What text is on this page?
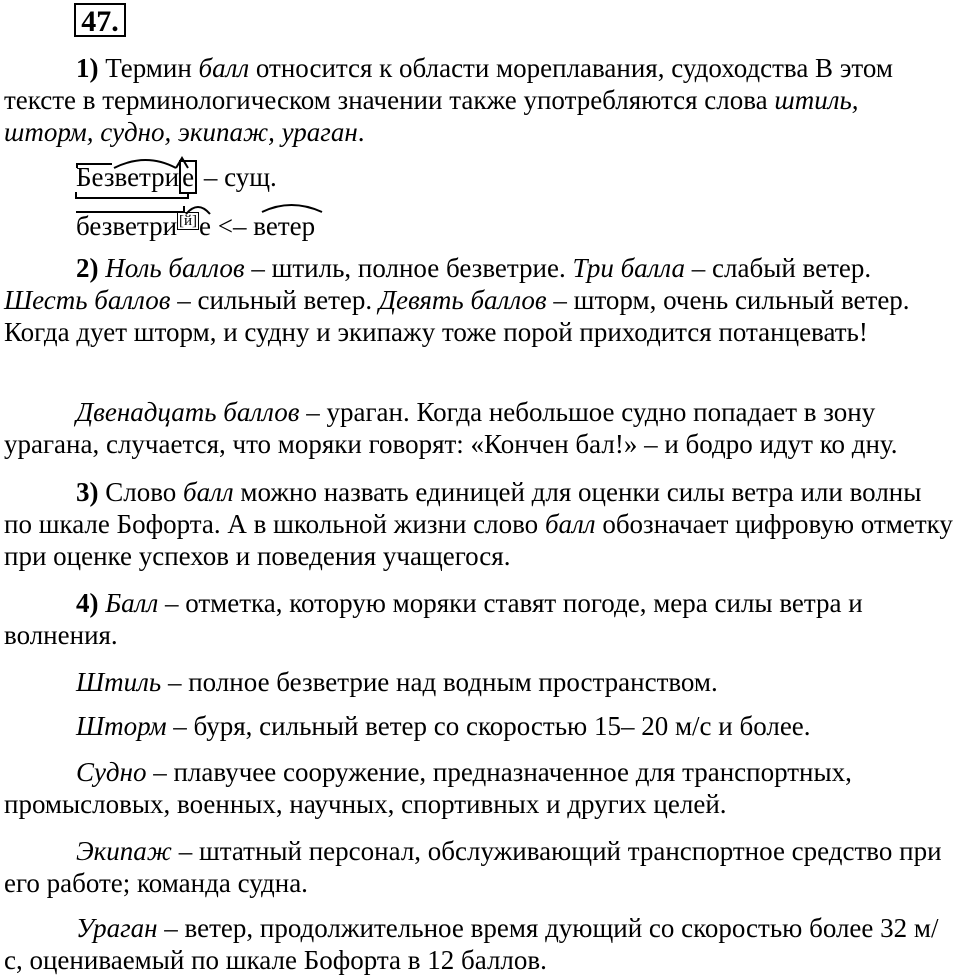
47.

1) Термин балл относится к области мореплавания, судоходства В этом тексте в терминологическом значении также употребляются слова штиль, шторм, судно, экипаж, ураган.

Безветри е – сущ.
безветри [й]е <– ветер

2) Ноль баллов – штиль, полное безветрие. Три балла – слабый ветер. Шесть баллов – сильный ветер. Девять баллов – шторм, очень сильный ветер. Когда дует шторм, и судну и экипажу тоже порой приходится потанцевать!

Двенадцать баллов – ураган. Когда небольшое судно попадает в зону урагана, случается, что моряки говорят: «Кончен бал!» – и бодро идут ко дну.

3) Слово балл можно назвать единицей для оценки силы ветра или волны по шкале Бофорта. А в школьной жизни слово балл обозначает цифровую отметку при оценке успехов и поведения учащегося.

4) Балл – отметка, которую моряки ставят погоде, мера силы ветра и волнения.

Штиль – полное безветрие над водным пространством.

Шторм – буря, сильный ветер со скоростью 15– 20 м/с и более.

Судно – плавучее сооружение, предназначенное для транспортных, промысловых, военных, научных, спортивных и других целей.

Экипаж – штатный персонал, обслуживающий транспортное средство при его работе; команда судна.

Ураган – ветер, продолжительное время дующий со скоростью более 32 м/с, оцениваемый по шкале Бофорта в 12 баллов.
